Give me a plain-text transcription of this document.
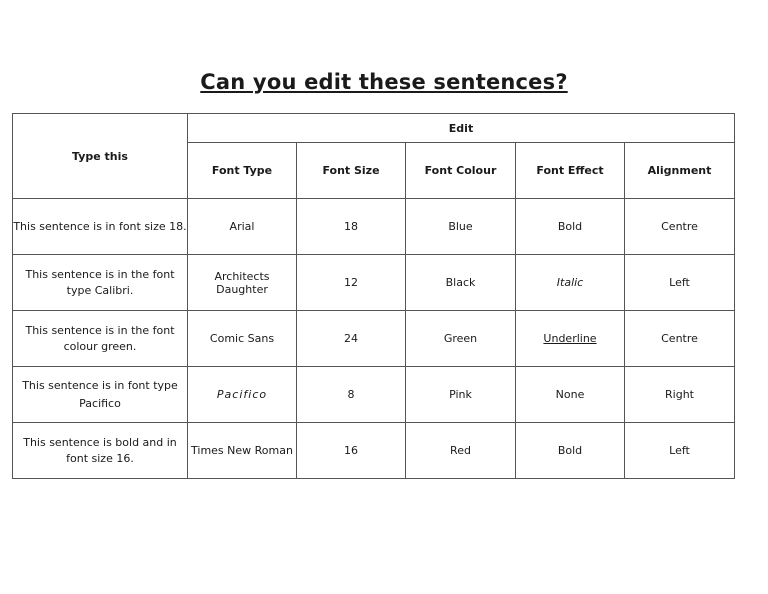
Can you edit these sentences?
Type this	Edit				
	Font Type	Font Size	Font Colour	Font Effect	Alignment
This sentence is in font size 18.	Arial	18	Blue	Bold	Centre
This sentence is in the font type Calibri.	Architects Daughter	12	Black	Italic	Left
This sentence is in the font colour green.	Comic Sans	24	Green	Underline	Centre
This sentence is in font type Pacifico	Pacifico	8	Pink	None	Right
This sentence is bold and in font size 16.	Times New Roman	16	Red	Bold	Left
